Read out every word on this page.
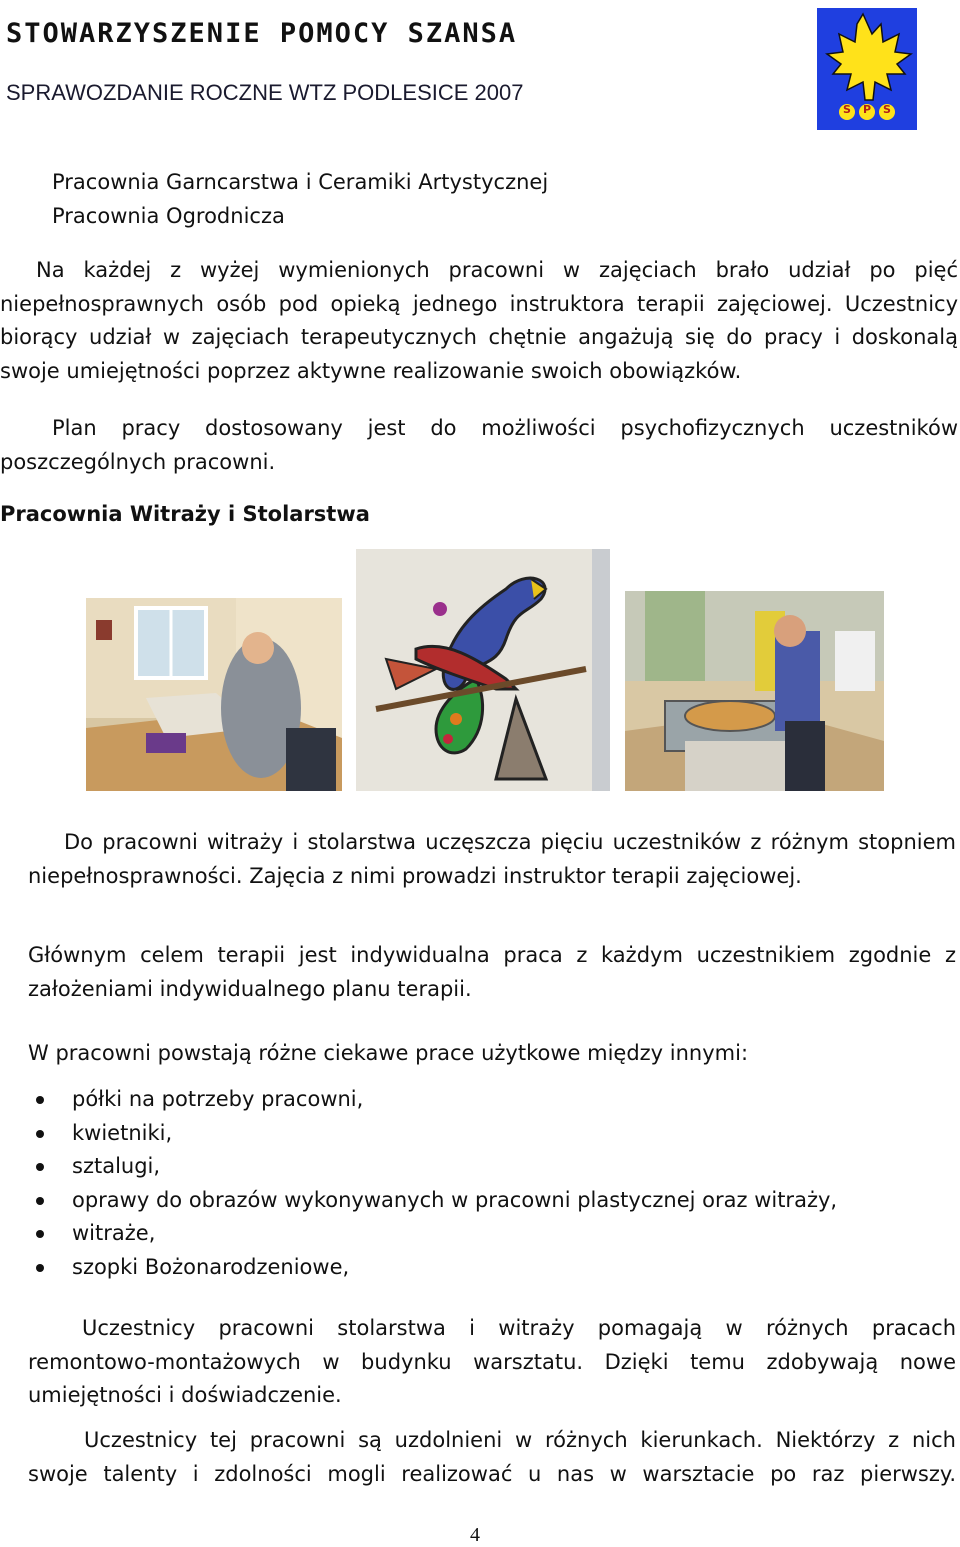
STOWARZYSZENIE POMOCY SZANSA
SPRAWOZDANIE ROCZNE WTZ PODLESICE 2007
SPS
Pracownia Garncarstwa i Ceramiki Artystycznej
Pracownia Ogrodnicza
Na każdej z wyżej wymienionych pracowni w zajęciach brało udział po pięć niepełnosprawnych osób pod opieką jednego instruktora terapii zajęciowej. Uczestnicy biorący udział w zajęciach terapeutycznych chętnie angażują się do pracy i doskonalą swoje umiejętności poprzez aktywne realizowanie swoich obowiązków.
Plan pracy dostosowany jest do możliwości psychofizycznych uczestników poszczególnych pracowni.
Pracownia Witraży i Stolarstwa
Do pracowni witraży i stolarstwa uczęszcza pięciu uczestników z różnym stopniem niepełnosprawności. Zajęcia z nimi prowadzi instruktor terapii zajęciowej.
Głównym celem terapii jest indywidualna praca z każdym uczestnikiem zgodnie z założeniami indywidualnego planu terapii.
W pracowni powstają różne ciekawe prace użytkowe między innymi:
półki na potrzeby pracowni,
kwietniki,
sztalugi,
oprawy do obrazów wykonywanych w pracowni plastycznej oraz witraży,
witraże,
szopki Bożonarodzeniowe,
Uczestnicy pracowni stolarstwa i witraży pomagają w różnych pracach remontowo-montażowych w budynku warsztatu. Dzięki temu zdobywają nowe umiejętności i doświadczenie.
Uczestnicy tej pracowni są uzdolnieni w różnych kierunkach. Niektórzy z nich swoje talenty i zdolności mogli realizować u nas w warsztacie po raz pierwszy.
4
